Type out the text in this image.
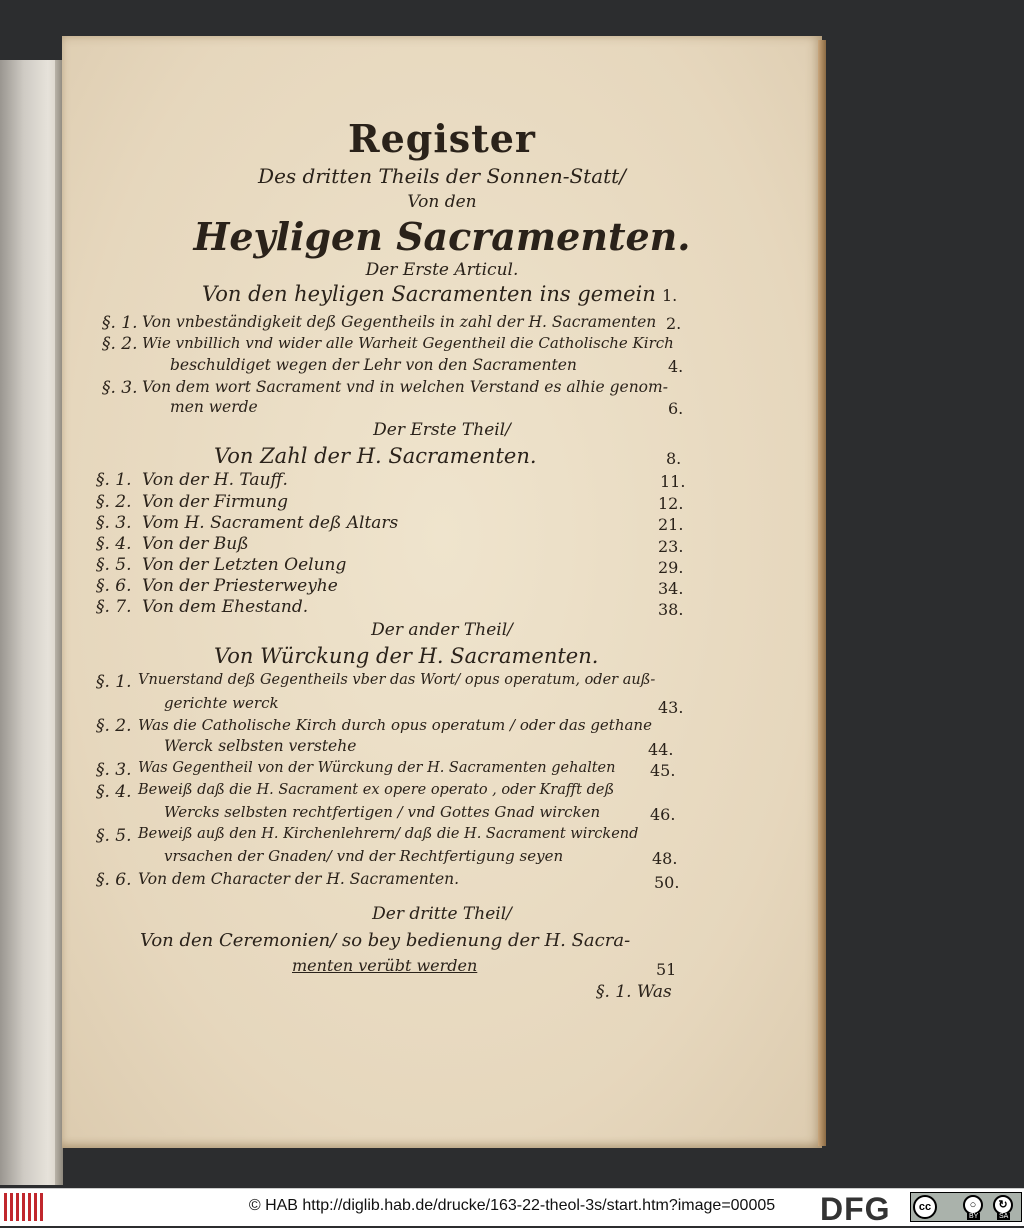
Register
Des dritten Theils der Sonnen-Statt/
Von den
Heyligen Sacramenten.
Der Erste Articul.
Von den heyligen Sacramenten ins gemein 1.
§. 1. Von vnbeständigkeit deß Gegentheils in zahl der H. Sacramenten 2.
§. 2. Wie vnbillich vnd wider alle Warheit Gegentheil die Catholische Kirch
beschuldiget wegen der Lehr von den Sacramenten	4.
§. 3. Von dem wort Sacrament vnd in welchen Verstand es alhie genom-
men werde	6.
Der Erste Theil/
Von Zahl der H. Sacramenten.	8.
§. 1. Von der H. Tauff.	11.
§. 2. Von der Firmung	12.
§. 3. Vom H. Sacrament deß Altars	21.
§. 4. Von der Buß	23.
§. 5. Von der Letzten Oelung	29.
§. 6. Von der Priesterweyhe	34.
§. 7. Von dem Ehestand.	38.
Der ander Theil/
Von Würckung der H. Sacramenten.
§. 1. Vnuerstand deß Gegentheils vber das Wort/ opus operatum, oder auß-
gerichte werck	43.
§. 2. Was die Catholische Kirch durch opus operatum / oder das gethane
Werck selbsten verstehe	44.
§. 3. Was Gegentheil von der Würckung der H. Sacramenten gehalten 45.
§. 4. Beweiß daß die H. Sacrament ex opere operato , oder Krafft deß
Wercks selbsten rechtfertigen / vnd Gottes Gnad wircken	46.
§. 5. Beweiß auß den H. Kirchenlehrern/ daß die H. Sacrament wirckend
vrsachen der Gnaden/ vnd der Rechtfertigung seyen	48.
§. 6. Von dem Character der H. Sacramenten.	50.
Der dritte Theil/
Von den Ceremonien/ so bey bedienung der H. Sacra-
menten verübt werden	51
§. 1. Was
© HAB http://diglib.hab.de/drucke/163-22-theol-3s/start.htm?image=00005	DFG	cc	○	↻
BY	SA
